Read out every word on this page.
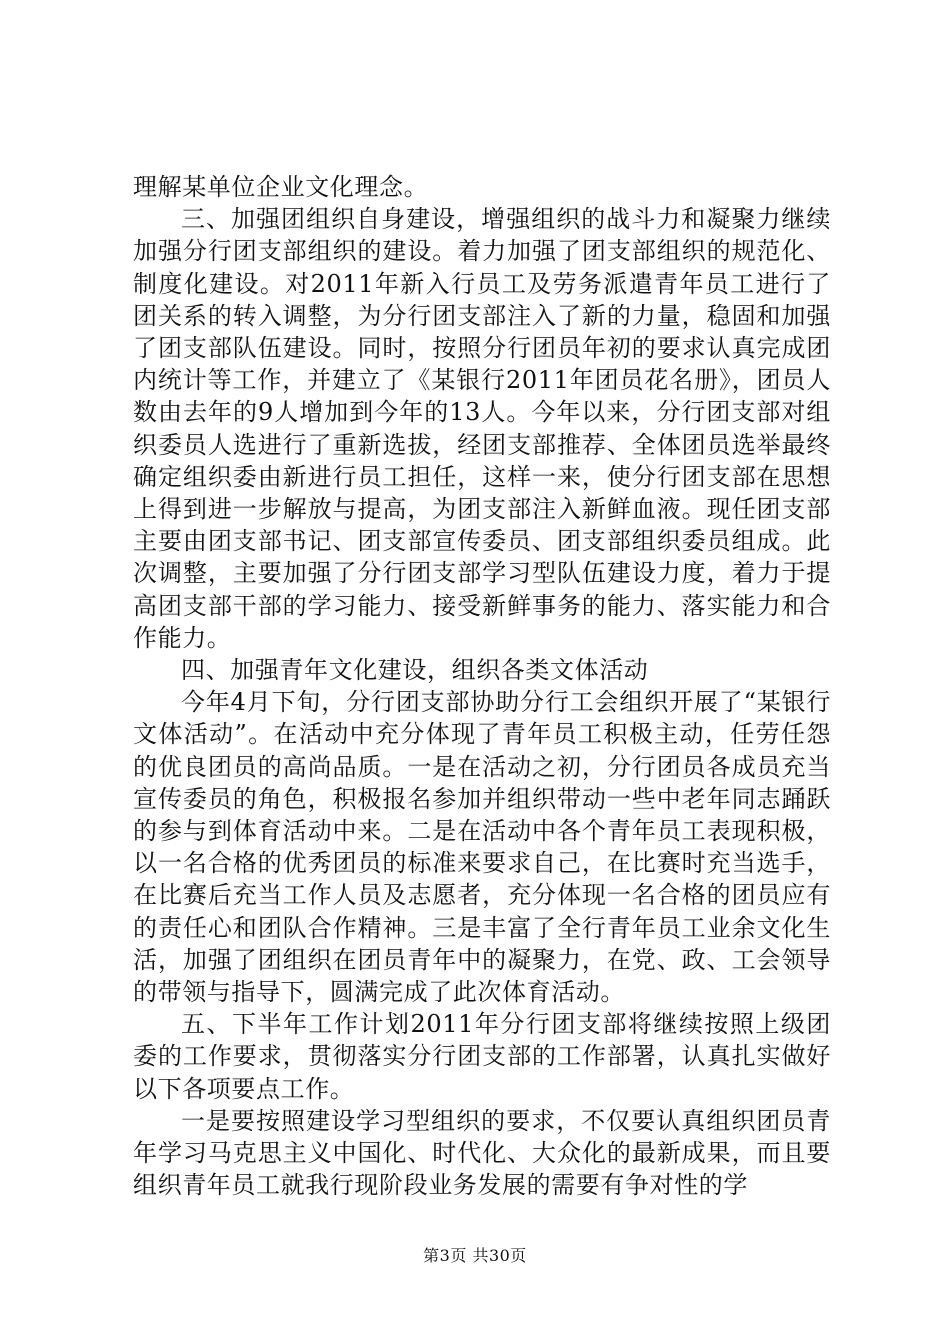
理解某单位企业文化理念。

三、加强团组织自身建设，增强组织的战斗力和凝聚力继续加强分行团支部组织的建设。着力加强了团支部组织的规范化、制度化建设。对2011年新入行员工及劳务派遣青年员工进行了团关系的转入调整，为分行团支部注入了新的力量，稳固和加强了团支部队伍建设。同时，按照分行团员年初的要求认真完成团内统计等工作，并建立了《某银行2011年团员花名册》，团员人数由去年的9人增加到今年的13人。今年以来，分行团支部对组织委员人选进行了重新选拔，经团支部推荐、全体团员选举最终确定组织委由新进行员工担任，这样一来，使分行团支部在思想上得到进一步解放与提高，为团支部注入新鲜血液。现任团支部主要由团支部书记、团支部宣传委员、团支部组织委员组成。此次调整，主要加强了分行团支部学习型队伍建设力度，着力于提高团支部干部的学习能力、接受新鲜事务的能力、落实能力和合作能力。

四、加强青年文化建设，组织各类文体活动

今年4月下旬，分行团支部协助分行工会组织开展了“某银行文体活动”。在活动中充分体现了青年员工积极主动，任劳任怨的优良团员的高尚品质。一是在活动之初，分行团员各成员充当宣传委员的角色，积极报名参加并组织带动一些中老年同志踊跃的参与到体育活动中来。二是在活动中各个青年员工表现积极，以一名合格的优秀团员的标准来要求自己，在比赛时充当选手，在比赛后充当工作人员及志愿者，充分体现一名合格的团员应有的责任心和团队合作精神。三是丰富了全行青年员工业余文化生活，加强了团组织在团员青年中的凝聚力，在党、政、工会领导的带领与指导下，圆满完成了此次体育活动。

五、下半年工作计划2011年分行团支部将继续按照上级团委的工作要求，贯彻落实分行团支部的工作部署，认真扎实做好以下各项要点工作。

一是要按照建设学习型组织的要求，不仅要认真组织团员青年学习马克思主义中国化、时代化、大众化的最新成果，而且要组织青年员工就我行现阶段业务发展的需要有争对性的学

第3页 共30页
